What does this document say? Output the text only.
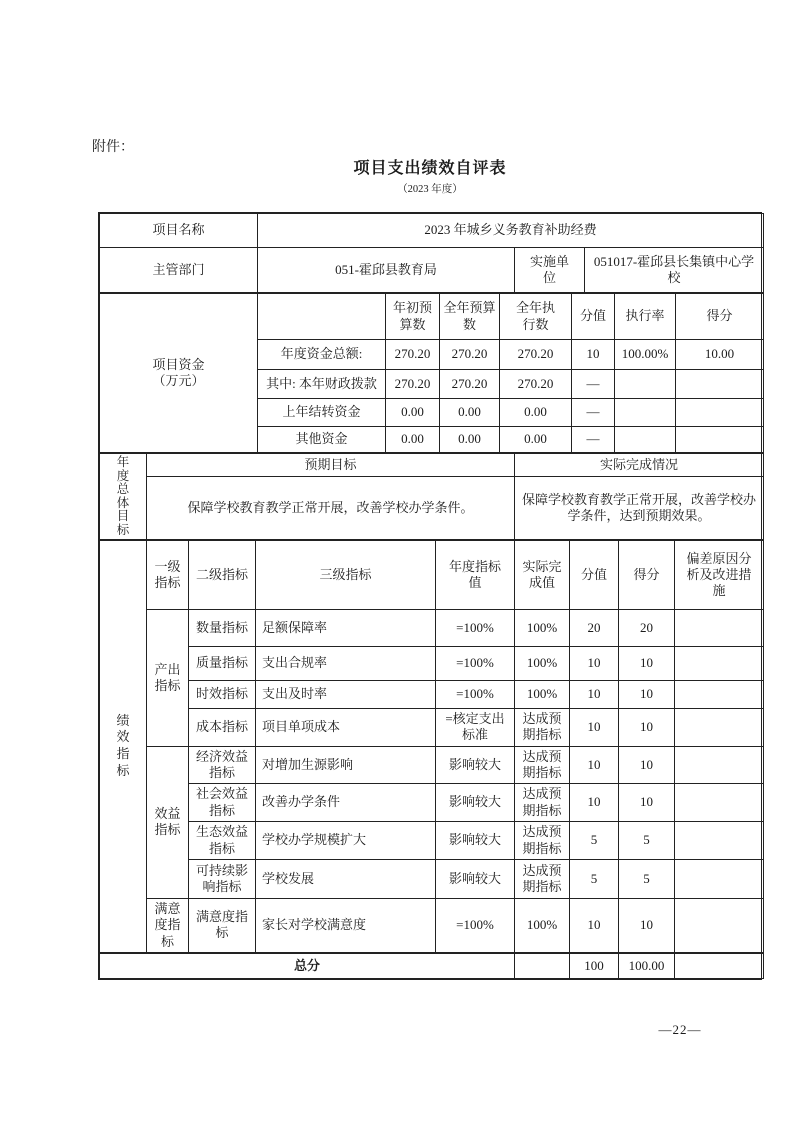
附件：
项目支出绩效自评表
（2023 年度）
项目名称	2023 年城乡义务教育补助经费		
主管部门	051-霍邱县教育局	实施单位	051017-霍邱县长集镇中心学校
项目资金（万元）		年初预算数	全年预算数	全年执行数	分值	执行率	得分
	年度资金总额:	270.20	270.20	270.20	10	100.00%	10.00
	其中: 本年财政拨款	270.20	270.20	270.20	—		
	上年结转资金	0.00	0.00	0.00	—		
	其他资金	0.00	0.00	0.00	—		
年度总体目标	预期目标	实际完成情况
	保障学校教育教学正常开展，改善学校办学条件。	保障学校教育教学正常开展，改善学校办学条件，达到预期效果。
绩效指标	一级指标	二级指标	三级指标	年度指标值	实际完成值	分值	得分	偏差原因分析及改进措施
	产出指标	数量指标	足额保障率	=100%	100%	20	20	
		质量指标	支出合规率	=100%	100%	10	10	
		时效指标	支出及时率	=100%	100%	10	10	
		成本指标	项目单项成本	=核定支出标准	达成预期指标	10	10	
	效益指标	经济效益指标	对增加生源影响	影响较大	达成预期指标	10	10	
		社会效益指标	改善办学条件	影响较大	达成预期指标	10	10	
		生态效益指标	学校办学规模扩大	影响较大	达成预期指标	5	5	
		可持续影响指标	学校发展	影响较大	达成预期指标	5	5	
	满意度指标	满意度指标	家长对学校满意度	=100%	100%	10	10	
总分		100	100.00	
—22—
